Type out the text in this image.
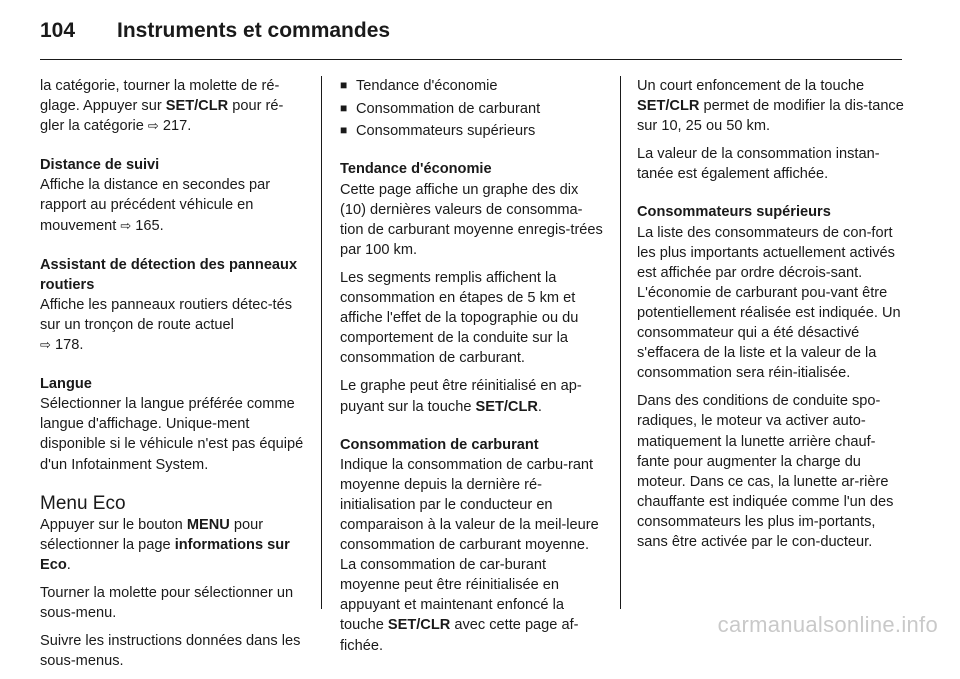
104 Instruments et commandes

la catégorie, tourner la molette de ré-glage. Appuyer sur SET/CLR pour ré-gler la catégorie ⇨ 217.

Distance de suivi

Affiche la distance en secondes par rapport au précédent véhicule en mouvement ⇨ 165.

Assistant de détection des panneaux routiers

Affiche les panneaux routiers détec-tés sur un tronçon de route actuel
⇨ 178.

Langue

Sélectionner la langue préférée comme langue d'affichage. Unique-ment disponible si le véhicule n'est pas équipé d'un Infotainment System.

Menu Eco

Appuyer sur le bouton MENU pour sélectionner la page informations sur Eco.

Tourner la molette pour sélectionner un sous-menu.

Suivre les instructions données dans les sous-menus.

■ Tendance d'économie
■ Consommation de carburant
■ Consommateurs supérieurs

Tendance d'économie

Cette page affiche un graphe des dix (10) dernières valeurs de consomma-tion de carburant moyenne enregis-trées par 100 km.

Les segments remplis affichent la consommation en étapes de 5 km et affiche l'effet de la topographie ou du comportement de la conduite sur la consommation de carburant.

Le graphe peut être réinitialisé en ap-puyant sur la touche SET/CLR.

Consommation de carburant

Indique la consommation de carbu-rant moyenne depuis la dernière ré-initialisation par le conducteur en comparaison à la valeur de la meil-leure consommation de carburant moyenne. La consommation de car-burant moyenne peut être réinitialisée en appuyant et maintenant enfoncé la touche SET/CLR avec cette page af-fichée.

Un court enfoncement de la touche SET/CLR permet de modifier la dis-tance sur 10, 25 ou 50 km.

La valeur de la consommation instan-tanée est également affichée.

Consommateurs supérieurs

La liste des consommateurs de con-fort les plus importants actuellement activés est affichée par ordre décrois-sant. L'économie de carburant pou-vant être potentiellement réalisée est indiquée. Un consommateur qui a été désactivé s'effacera de la liste et la valeur de la consommation sera réin-itialisée.

Dans des conditions de conduite spo-radiques, le moteur va activer auto-matiquement la lunette arrière chauf-fante pour augmenter la charge du moteur. Dans ce cas, la lunette ar-rière chauffante est indiquée comme l'un des consommateurs les plus im-portants, sans être activée par le con-ducteur.

carmanualsonline.info
